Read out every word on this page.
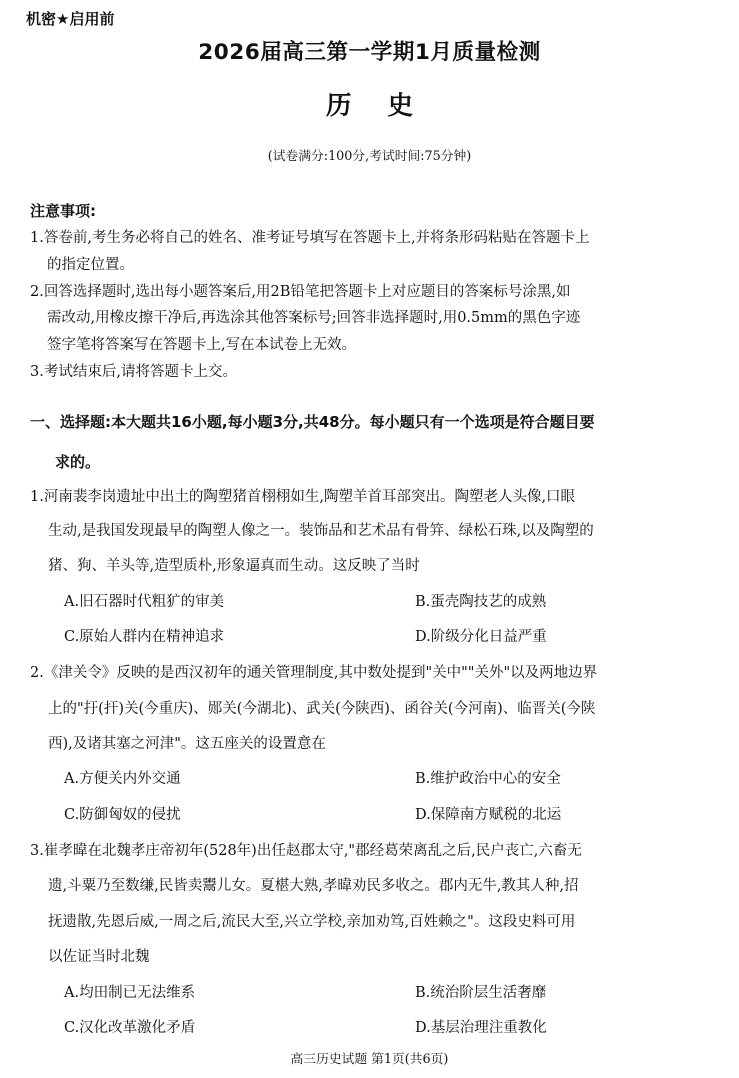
机密★启用前
2026届高三第一学期1月质量检测
历史
(试卷满分:100分,考试时间:75分钟)
注意事项:
1.答卷前,考生务必将自己的姓名、准考证号填写在答题卡上,并将条形码粘贴在答题卡上
的指定位置。
2.回答选择题时,选出每小题答案后,用2B铅笔把答题卡上对应题目的答案标号涂黑,如
需改动,用橡皮擦干净后,再选涂其他答案标号;回答非选择题时,用0.5mm的黑色字迹
签字笔将答案写在答题卡上,写在本试卷上无效。
3.考试结束后,请将答题卡上交。
一、选择题:本大题共16小题,每小题3分,共48分。每小题只有一个选项是符合题目要
求的。
1.河南裴李岗遗址中出土的陶塑猪首栩栩如生,陶塑羊首耳部突出。陶塑老人头像,口眼
生动,是我国发现最早的陶塑人像之一。装饰品和艺术品有骨笄、绿松石珠,以及陶塑的
猪、狗、羊头等,造型质朴,形象逼真而生动。这反映了当时
A.旧石器时代粗犷的审美	B.蛋壳陶技艺的成熟
C.原始人群内在精神追求	D.阶级分化日益严重
2.《津关令》反映的是西汉初年的通关管理制度,其中数处提到"关中""关外"以及两地边界
上的"扜(扞)关(今重庆)、郧关(今湖北)、武关(今陕西)、函谷关(今河南)、临晋关(今陕
西),及诸其塞之河津"。这五座关的设置意在
A.方便关内外交通	B.维护政治中心的安全
C.防御匈奴的侵扰	D.保障南方赋税的北运
3.崔孝暐在北魏孝庄帝初年(528年)出任赵郡太守,"郡经葛荣离乱之后,民户丧亡,六畜无
遗,斗粟乃至数缣,民皆卖鬻儿女。夏椹大熟,孝暐劝民多收之。郡内无牛,教其人种,招
抚遗散,先恩后威,一周之后,流民大至,兴立学校,亲加劝笃,百姓赖之"。这段史料可用
以佐证当时北魏
A.均田制已无法维系	B.统治阶层生活奢靡
C.汉化改革激化矛盾	D.基层治理注重教化
高三历史试题 第1页(共6页)
